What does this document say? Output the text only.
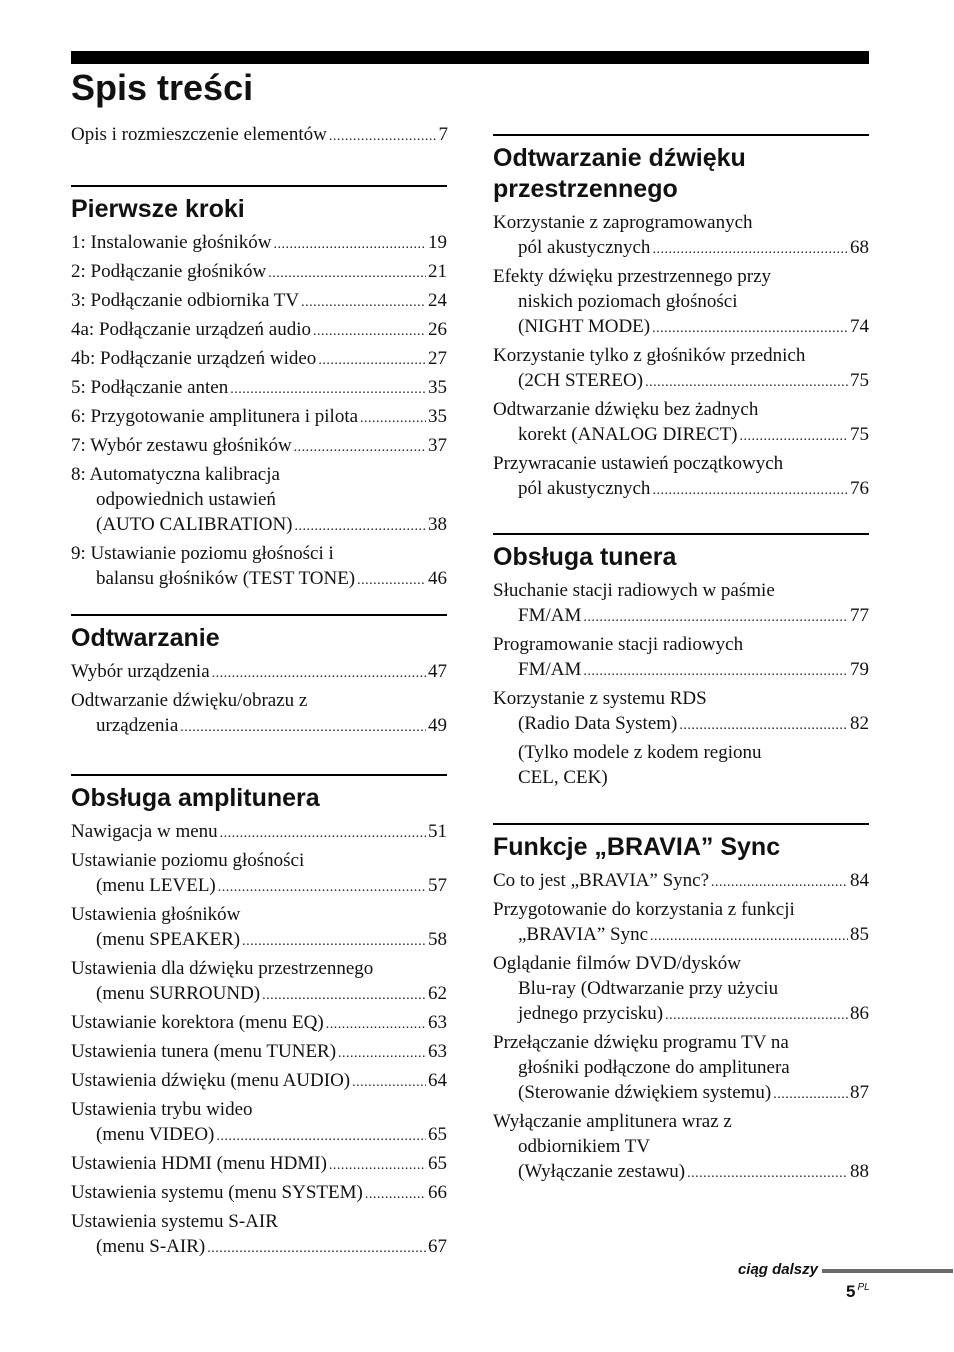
Spis treści
Opis i rozmieszczenie elementów .....	7
Pierwsze kroki
1: Instalowanie głośników .....	19
2: Podłączanie głośników .....	21
3: Podłączanie odbiornika TV .....	24
4a: Podłączanie urządzeń audio .....	26
4b: Podłączanie urządzeń wideo .....	27
5: Podłączanie anten .....	35
6: Przygotowanie amplitunera i pilota .....	35
7: Wybór zestawu głośników .....	37
8: Automatyczna kalibracja
odpowiednich ustawień
(AUTO CALIBRATION) .....	38
9: Ustawianie poziomu głośności i
balansu głośników (TEST TONE) .....	46
Odtwarzanie
Wybór urządzenia .....	47
Odtwarzanie dźwięku/obrazu z
urządzenia .....	49
Obsługa amplitunera
Nawigacja w menu .....	51
Ustawianie poziomu głośności
(menu LEVEL) .....	57
Ustawienia głośników
(menu SPEAKER) .....	58
Ustawienia dla dźwięku przestrzennego
(menu SURROUND) .....	62
Ustawianie korektora (menu EQ) .....	63
Ustawienia tunera (menu TUNER) .....	63
Ustawienia dźwięku (menu AUDIO) .....	64
Ustawienia trybu wideo
(menu VIDEO) .....	65
Ustawienia HDMI (menu HDMI) .....	65
Ustawienia systemu (menu SYSTEM) .....	66
Ustawienia systemu S-AIR
(menu S-AIR) .....	67
Odtwarzanie dźwięku przestrzennego
Korzystanie z zaprogramowanych
pól akustycznych .....	68
Efekty dźwięku przestrzennego przy
niskich poziomach głośności
(NIGHT MODE) .....	74
Korzystanie tylko z głośników przednich
(2CH STEREO) .....	75
Odtwarzanie dźwięku bez żadnych
korekt (ANALOG DIRECT) .....	75
Przywracanie ustawień początkowych
pól akustycznych .....	76
Obsługa tunera
Słuchanie stacji radiowych w paśmie
FM/AM .....	77
Programowanie stacji radiowych
FM/AM .....	79
Korzystanie z systemu RDS
(Radio Data System) .....	82
(Tylko modele z kodem regionu
CEL, CEK)
Funkcje „BRAVIA” Sync
Co to jest „BRAVIA” Sync? .....	84
Przygotowanie do korzystania z funkcji
„BRAVIA” Sync .....	85
Oglądanie filmów DVD/dysków
Blu-ray (Odtwarzanie przy użyciu
jednego przycisku) .....	86
Przełączanie dźwięku programu TV na
głośniki podłączone do amplitunera
(Sterowanie dźwiękiem systemu) .....	87
Wyłączanie amplitunera wraz z
odbiornikiem TV
(Wyłączanie zestawu) .....	88
ciąg dalszy
5 $^{PL}$
